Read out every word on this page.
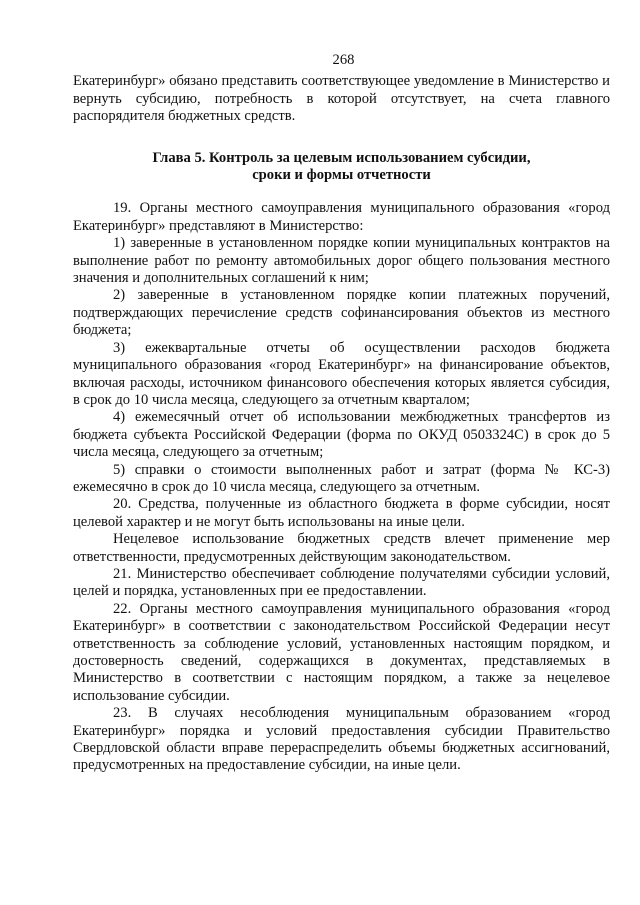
268

Екатеринбург» обязано представить соответствующее уведомление в Министерство и вернуть субсидию, потребность в которой отсутствует, на счета главного распорядителя бюджетных средств.

Глава 5. Контроль за целевым использованием субсидии,
сроки и формы отчетности

19. Органы местного самоуправления муниципального образования «город Екатеринбург» представляют в Министерство:

1) заверенные в установленном порядке копии муниципальных контрактов на выполнение работ по ремонту автомобильных дорог общего пользования местного значения и дополнительных соглашений к ним;

2) заверенные в установленном порядке копии платежных поручений, подтверждающих перечисление средств софинансирования объектов из местного бюджета;

3) ежеквартальные отчеты об осуществлении расходов бюджета муниципального образования «город Екатеринбург» на финансирование объектов, включая расходы, источником финансового обеспечения которых является субсидия, в срок до 10 числа месяца, следующего за отчетным кварталом;

4) ежемесячный отчет об использовании межбюджетных трансфертов из бюджета субъекта Российской Федерации (форма по ОКУД 0503324С) в срок до 5 числа месяца, следующего за отчетным;

5) справки о стоимости выполненных работ и затрат (форма № КС-3) ежемесячно в срок до 10 числа месяца, следующего за отчетным.

20. Средства, полученные из областного бюджета в форме субсидии, носят целевой характер и не могут быть использованы на иные цели.

Нецелевое использование бюджетных средств влечет применение мер ответственности, предусмотренных действующим законодательством.

21. Министерство обеспечивает соблюдение получателями субсидии условий, целей и порядка, установленных при ее предоставлении.

22. Органы местного самоуправления муниципального образования «город Екатеринбург» в соответствии с законодательством Российской Федерации несут ответственность за соблюдение условий, установленных настоящим порядком, и достоверность сведений, содержащихся в документах, представляемых в Министерство в соответствии с настоящим порядком, а также за нецелевое использование субсидии.

23. В случаях несоблюдения муниципальным образованием «город Екатеринбург» порядка и условий предоставления субсидии Правительство Свердловской области вправе перераспределить объемы бюджетных ассигнований, предусмотренных на предоставление субсидии, на иные цели.
